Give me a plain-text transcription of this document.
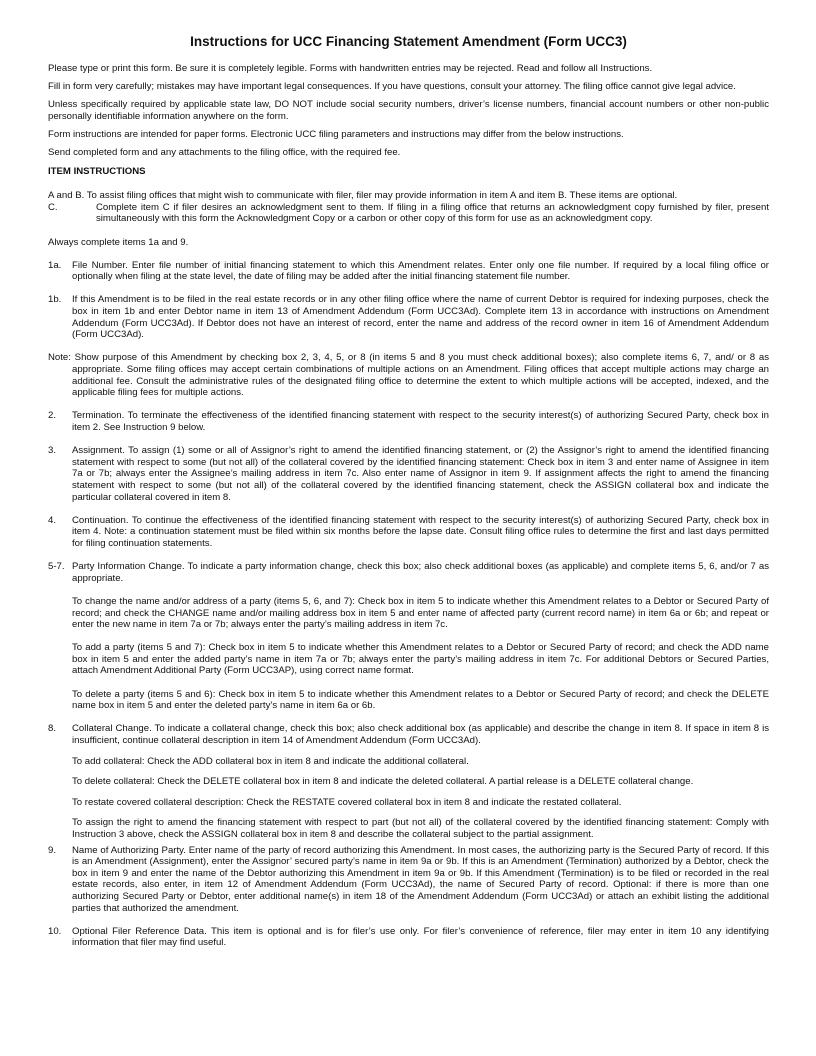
Instructions for UCC Financing Statement Amendment (Form UCC3)

Please type or print this form. Be sure it is completely legible. Forms with handwritten entries may be rejected. Read and follow all Instructions.

Fill in form very carefully; mistakes may have important legal consequences. If you have questions, consult your attorney. The filing office cannot give legal advice.

Unless specifically required by applicable state law, DO NOT include social security numbers, driver’s license numbers, financial account numbers or other non-public personally identifiable information anywhere on the form.

Form instructions are intended for paper forms. Electronic UCC filing parameters and instructions may differ from the below instructions.

Send completed form and any attachments to the filing office, with the required fee.

ITEM INSTRUCTIONS

A and B. To assist filing offices that might wish to communicate with filer, filer may provide information in item A and item B. These items are optional.

C.	Complete item C if filer desires an acknowledgment sent to them. If filing in a filing office that returns an acknowledgment copy furnished by filer, present simultaneously with this form the Acknowledgment Copy or a carbon or other copy of this form for use as an acknowledgment copy.

Always complete items 1a and 9.

1a.	File Number. Enter file number of initial financing statement to which this Amendment relates. Enter only one file number. If required by a local filing office or optionally when filing at the state level, the date of filing may be added after the initial financing statement file number.
1b.	If this Amendment is to be filed in the real estate records or in any other filing office where the name of current Debtor is required for indexing purposes, check the box in item 1b and enter Debtor name in item 13 of Amendment Addendum (Form UCC3Ad). Complete item 13 in accordance with instructions on Amendment Addendum (Form UCC3Ad). If Debtor does not have an interest of record, enter the name and address of the record owner in item 16 of Amendment Addendum (Form UCC3Ad).

Note: Show purpose of this Amendment by checking box 2, 3, 4, 5, or 8 (in items 5 and 8 you must check additional boxes); also complete items 6, 7, and/ or 8 as appropriate. Some filing offices may accept certain combinations of multiple actions on an Amendment. Filing offices that accept multiple actions may charge an additional fee. Consult the administrative rules of the designated filing office to determine the extent to which multiple actions will be accepted, indexed, and the applicable filing fees for multiple actions.

2.	Termination. To terminate the effectiveness of the identified financing statement with respect to the security interest(s) of authorizing Secured Party, check box in item 2. See Instruction 9 below.
3.	Assignment. To assign (1) some or all of Assignor’s right to amend the identified financing statement, or (2) the Assignor’s right to amend the identified financing statement with respect to some (but not all) of the collateral covered by the identified financing statement: Check box in item 3 and enter name of Assignee in item 7a or 7b; always enter the Assignee’s mailing address in item 7c. Also enter name of Assignor in item 9. If assignment affects the right to amend the financing statement with respect to some (but not all) of the collateral covered by the identified financing statement, check the ASSIGN collateral box and indicate the particular collateral covered in item 8.
4.	Continuation. To continue the effectiveness of the identified financing statement with respect to the security interest(s) of authorizing Secured Party, check box in item 4. Note: a continuation statement must be filed within six months before the lapse date. Consult filing office rules to determine the first and last days permitted for filing continuation statements.
5-7. Party Information Change. To indicate a party information change, check this box; also check additional boxes (as applicable) and complete items 5, 6, and/or 7 as appropriate.

To change the name and/or address of a party (items 5, 6, and 7): Check box in item 5 to indicate whether this Amendment relates to a Debtor or Secured Party of record; and check the CHANGE name and/or mailing address box in item 5 and enter name of affected party (current record name) in item 6a or 6b; and repeat or enter the new name in item 7a or 7b; always enter the party’s mailing address in item 7c.

To add a party (items 5 and 7): Check box in item 5 to indicate whether this Amendment relates to a Debtor or Secured Party of record; and check the ADD name box in item 5 and enter the added party’s name in item 7a or 7b; always enter the party’s mailing address in item 7c. For additional Debtors or Secured Parties, attach Amendment Additional Party (Form UCC3AP), using correct name format.

To delete a party (items 5 and 6): Check box in item 5 to indicate whether this Amendment relates to a Debtor or Secured Party of record; and check the DELETE name box in item 5 and enter the deleted party’s name in item 6a or 6b.

8.	Collateral Change. To indicate a collateral change, check this box; also check additional box (as applicable) and describe the change in item 8. If space in item 8 is insufficient, continue collateral description in item 14 of Amendment Addendum (Form UCC3Ad).

To add collateral: Check the ADD collateral box in item 8 and indicate the additional collateral.

To delete collateral: Check the DELETE collateral box in item 8 and indicate the deleted collateral. A partial release is a DELETE collateral change.

To restate covered collateral description: Check the RESTATE covered collateral box in item 8 and indicate the restated collateral.

To assign the right to amend the financing statement with respect to part (but not all) of the collateral covered by the identified financing statement: Comply with Instruction 3 above, check the ASSIGN collateral box in item 8 and describe the collateral subject to the partial assignment.

9.	Name of Authorizing Party. Enter name of the party of record authorizing this Amendment. In most cases, the authorizing party is the Secured Party of record. If this is an Amendment (Assignment), enter the Assignor’ secured party’s name in item 9a or 9b. If this is an Amendment (Termination) authorized by a Debtor, check the box in item 9 and enter the name of the Debtor authorizing this Amendment in item 9a or 9b. If this Amendment (Termination) is to be filed or recorded in the real estate records, also enter, in item 12 of Amendment Addendum (Form UCC3Ad), the name of Secured Party of record. Optional: if there is more than one authorizing Secured Party or Debtor, enter additional name(s) in item 18 of the Amendment Addendum (Form UCC3Ad) or attach an exhibit listing the additional parties that authorized the amendment.
10.	Optional Filer Reference Data. This item is optional and is for filer’s use only. For filer’s convenience of reference, filer may enter in item 10 any identifying information that filer may find useful.
